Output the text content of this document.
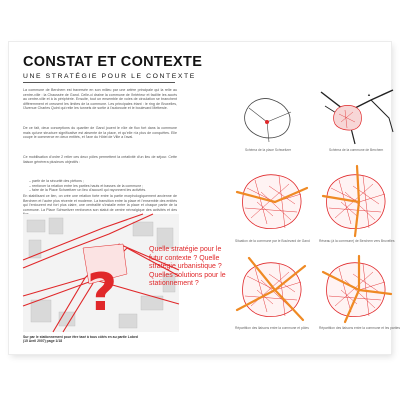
CONSTAT ET CONTEXTE
UNE STRATÉGIE POUR LE CONTEXTE
La commune de Berchem est traversée en son milieu par une artère principale qui la relie au centre-ville : la Chaussée de Gand. Celle-ci draine la commune de l'intérieur et facilite les accès au centre-ville et à la périphérie. Ensuite, tout un ensemble de voies de circulation se branchent différemment et creusent les limites de la commune. Les principales étant : le ring de Bruxelles, l'Avenue Charles Quint qui relie les tunnels de sortie à l'autoroute et le boulevard Mettewie.
De ce fait, deux conceptions du quartier de Gand jouent le rôle de flux fort dans la commune mais qu'une structure significative est absente de la place, et qu'elle n'a plus de conquêtes. Elle coupe le commerce en deux entités, et l'axe du Hôtel de Ville a l'aval.
Ce mobilisation d'ordre 2 relier ces deux pôles permettent la créativité d'un lieu de séjour. Cette liaison génèrera plusieurs objectifs :
– partir de la sécurité des piétons ;
– renforcer la relation entre les parties hauts et basses de la commune ;
– faire de la Place Schweitzer un lieu d'accueil qui rayonnent les activités.
En stabilisant ce lien, on crée une relation forte entre la partie morphologiquement ancienne de Berchem et l'autre plus récente et moderne. La transition entre la place et l'ensemble des entités qui l'entourent est fort plus claire, une centralité s'installe entre la place et chaque partie de la commune. La Place Schweitzer renforcera son statut de centre névralgique des activités et des
?
Quelle stratégie pour le futur contexte ? Quelle stratégie urbanistique ? Quelles solutions pour le stationnement ?
Sur par le stationnement pour être taxé à tous côtés en au partie Lobed (15 Avril 2007) page 1/18
Schéma de la place Schweitzer
▲
Schéma de la commune de Berchem
Situation de la commune par le Boulevard de Gand	Réseau (à la commune) de Berchem vers Bruxelles
Répartition des liaisons entre la commune et pôles	Répartition des liaisons entre la commune et les parties
